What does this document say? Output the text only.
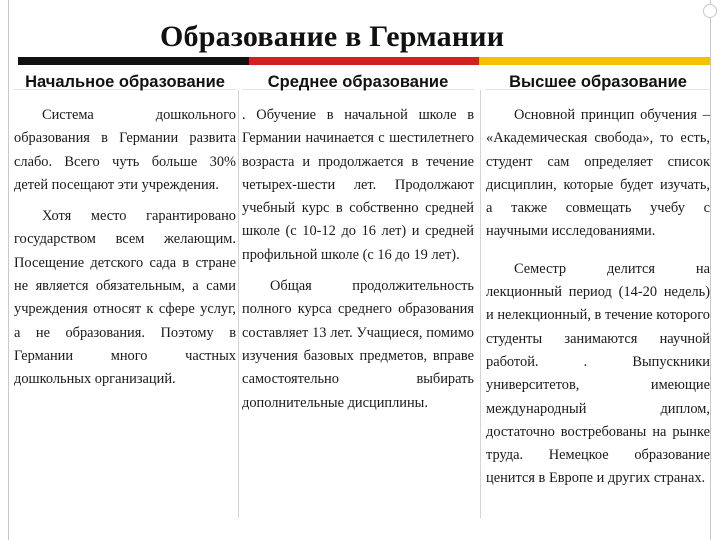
Образование в Германии
Начальное образование

Система дошкольного образования в Германии развита слабо. Всего чуть больше 30% детей посещают эти учреждения.

Хотя место гарантировано государством всем желающим. Посещение детского сада в стране не является обязательным, а сами учреждения относят к сфере услуг, а не образования. Поэтому в Германии много частных дошкольных организаций.

Среднее образование

. Обучение в начальной школе в Германии начинается с шестилетнего возраста и продолжается в течение четырех-шести лет. Продолжают учебный курс в собственно средней школе (с 10-12 до 16 лет) и средней профильной школе (с 16 до 19 лет).

Общая продолжительность полного курса среднего образования составляет 13 лет. Учащиеся, помимо изучения базовых предметов, вправе самостоятельно выбирать дополнительные дисциплины.

Высшее образование

Основной принцип обучения – «Академическая свобода», то есть, студент сам определяет список дисциплин, которые будет изучать, а также совмещать учебу с научными исследованиями.

Семестр делится на лекционный период (14-20 недель) и нелекционный, в течение которого студенты занимаются научной работой. . Выпускники университетов, имеющие международный диплом, достаточно востребованы на рынке труда. Немецкое образование ценится в Европе и других странах.
